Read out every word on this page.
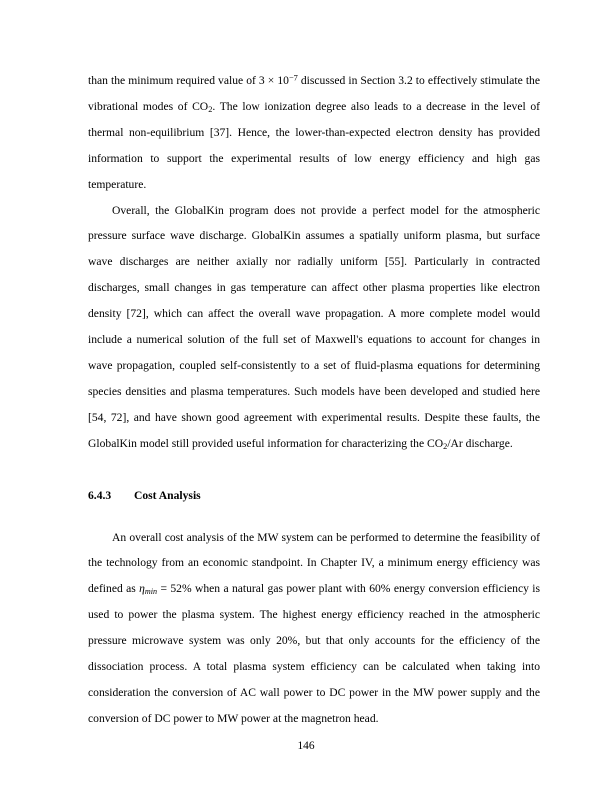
than the minimum required value of $3 \times 10^{-7}$ discussed in Section 3.2 to effectively stimulate the vibrational modes of $CO_2$. The low ionization degree also leads to a decrease in the level of thermal non-equilibrium [37]. Hence, the lower-than-expected electron density has provided information to support the experimental results of low energy efficiency and high gas temperature.

Overall, the GlobalKin program does not provide a perfect model for the atmospheric pressure surface wave discharge. GlobalKin assumes a spatially uniform plasma, but surface wave discharges are neither axially nor radially uniform [55]. Particularly in contracted discharges, small changes in gas temperature can affect other plasma properties like electron density [72], which can affect the overall wave propagation. A more complete model would include a numerical solution of the full set of Maxwell's equations to account for changes in wave propagation, coupled self-consistently to a set of fluid-plasma equations for determining species densities and plasma temperatures. Such models have been developed and studied here [54, 72], and have shown good agreement with experimental results. Despite these faults, the GlobalKin model still provided useful information for characterizing the $CO_2/Ar$ discharge.

6.4.3 Cost Analysis

An overall cost analysis of the MW system can be performed to determine the feasibility of the technology from an economic standpoint. In Chapter IV, a minimum energy efficiency was defined as $\eta_{min} = 52\%$ when a natural gas power plant with 60% energy conversion efficiency is used to power the plasma system. The highest energy efficiency reached in the atmospheric pressure microwave system was only 20%, but that only accounts for the efficiency of the dissociation process. A total plasma system efficiency can be calculated when taking into consideration the conversion of AC wall power to DC power in the MW power supply and the conversion of DC power to MW power at the magnetron head.

146
